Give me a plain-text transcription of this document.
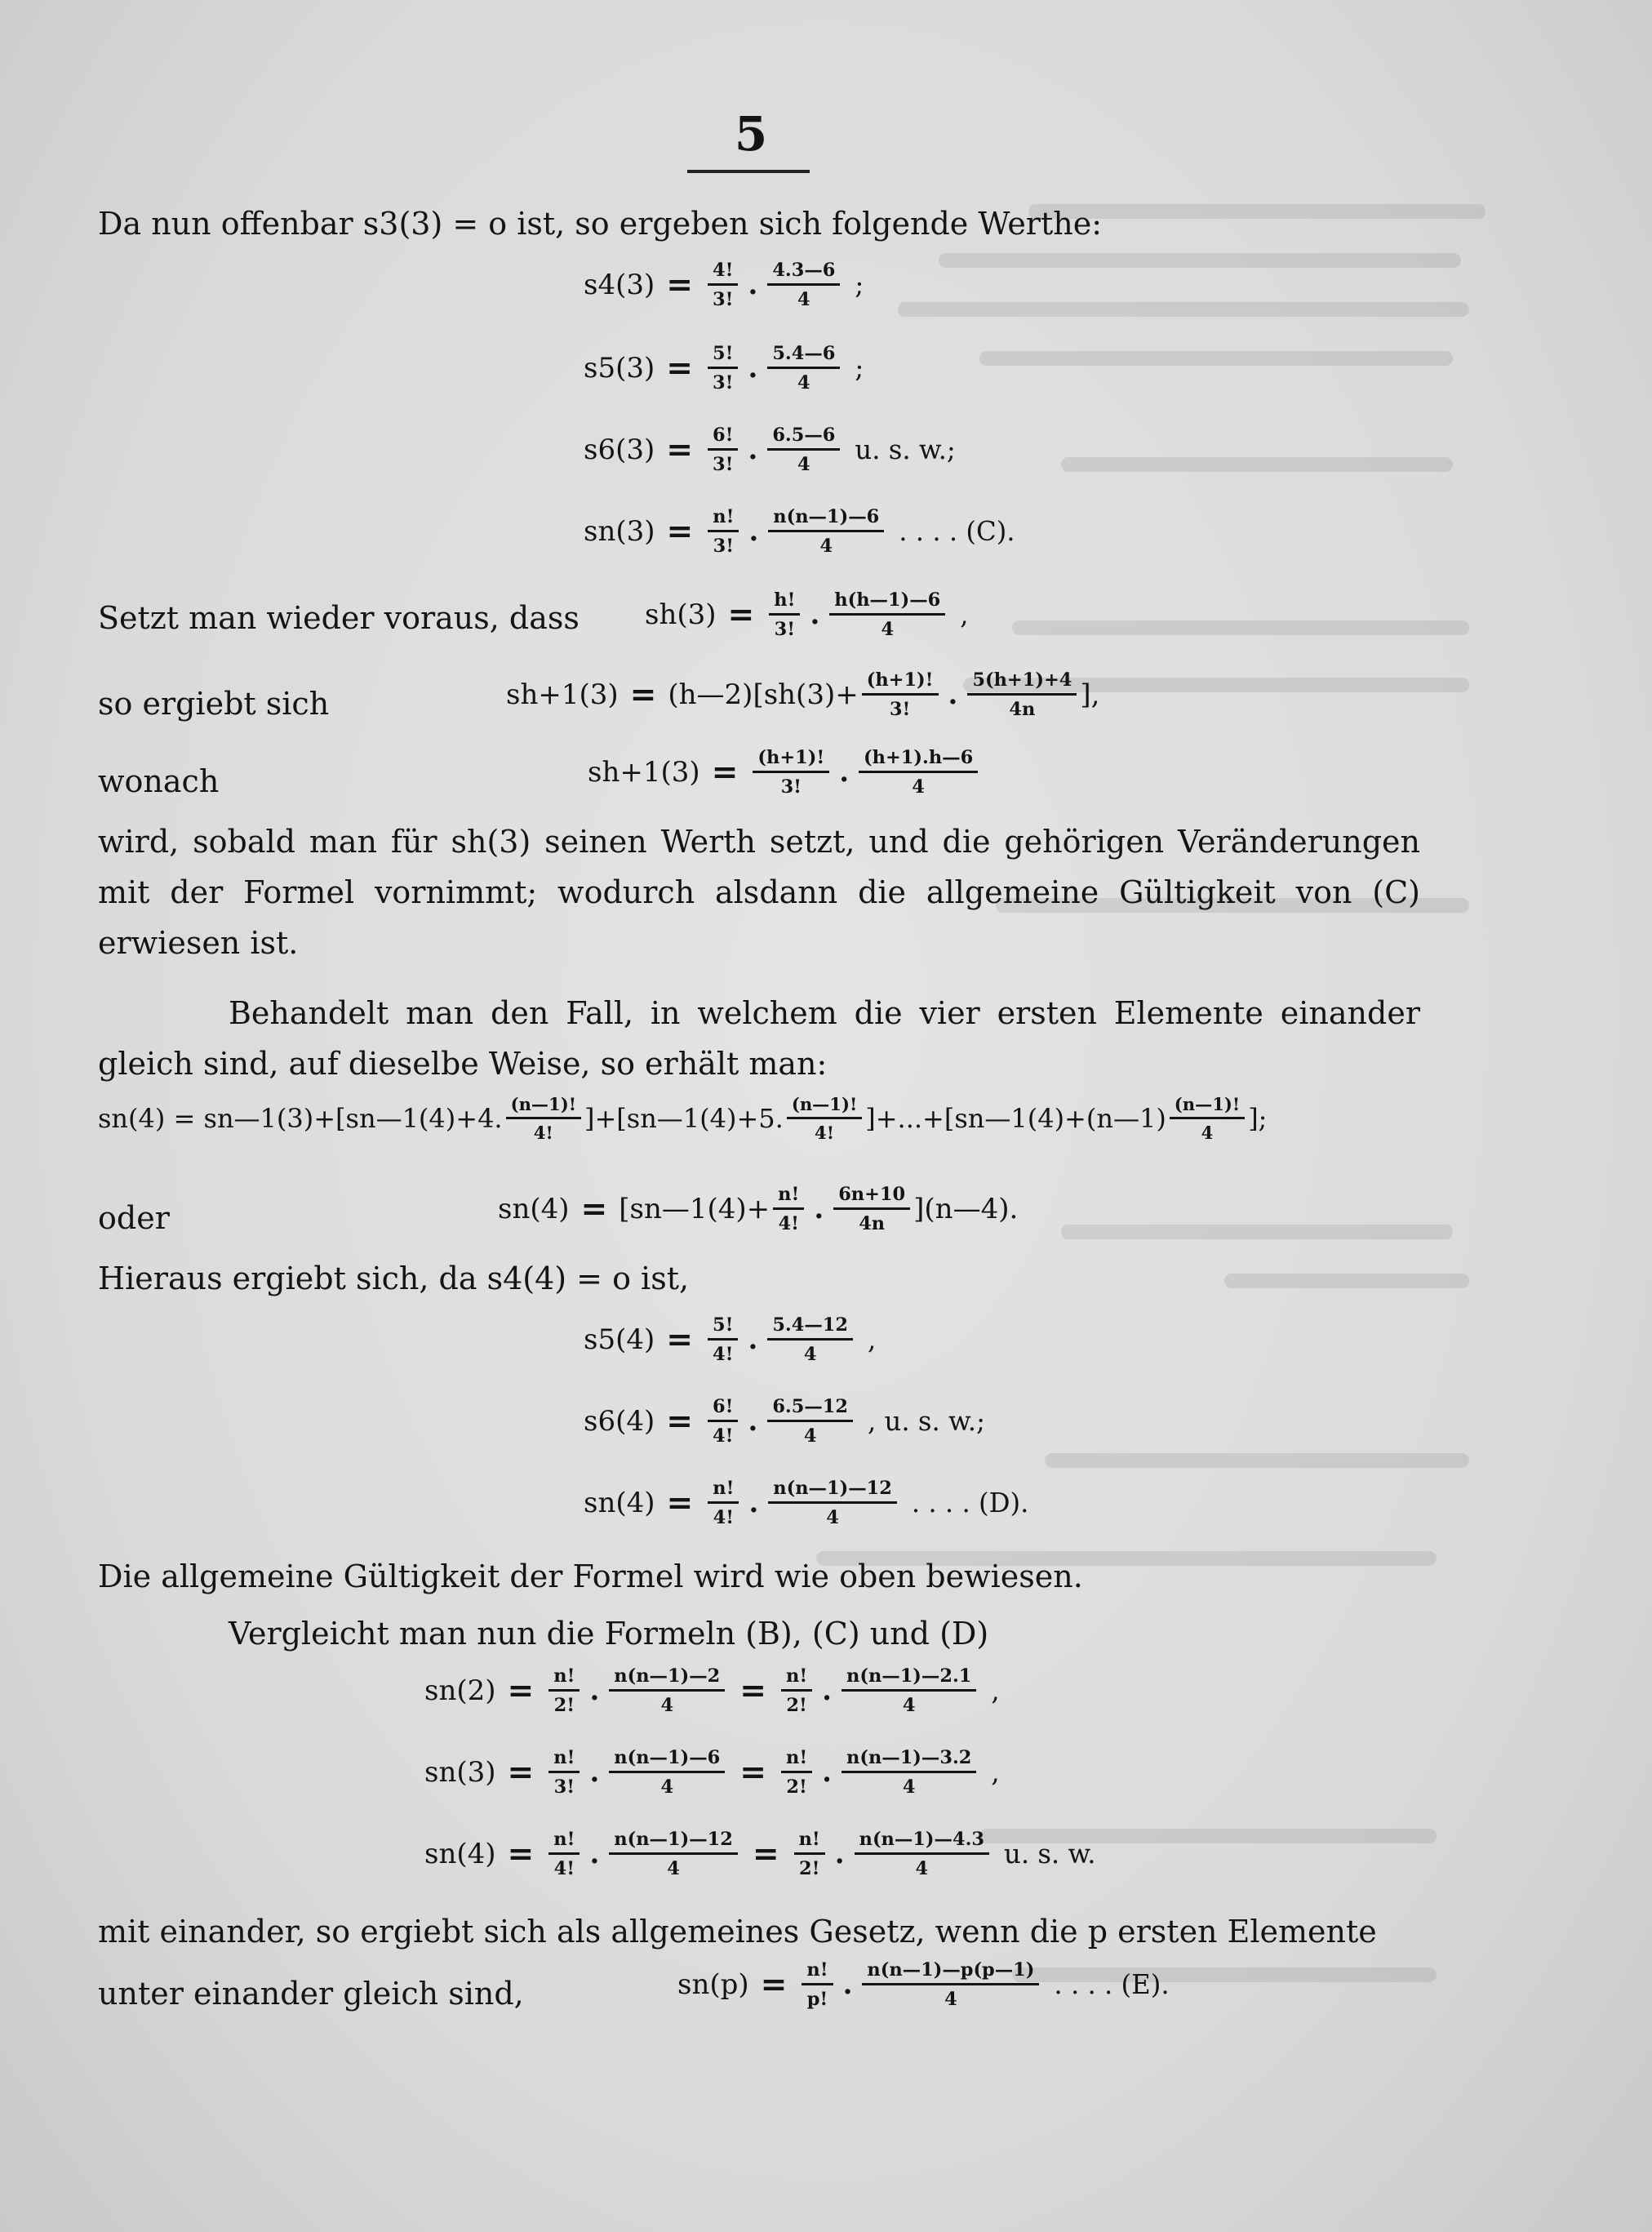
5
Da nun offenbar s3(3) = o ist, so ergeben sich folgende Werthe:
$s4(3) = \frac{4!}{3!}$ . $\frac{4.3—6}{4}$ ;
$s5(3) = \frac{5!}{3!}$ . $\frac{5.4—6}{4}$ ;
$s6(3) = \frac{6!}{3!}$ . $\frac{6.5—6}{4} u$. s. w.;
$sn(3) = \frac{n!}{3!}$ . $\frac{n(n—1)—6}{4}$ . . . . (C).
Setzt man wieder voraus, dass $sh(3) = \frac{h!}{3!}$ . $\frac{h(h—1)—6}{4}$ ,
so ergiebt sich	sh+1(3) = (h—2)[sh(3)+ $\frac{(h+1)!}{3!}$ . $\frac{5(h+1)+4}{4n}$ ],
wonach	$sh+1(3) = \frac{(h+1)!}{3!}$ . $\frac{(h+1).h—6}{4}$
wird, sobald man für sh(3) seinen Werth setzt, und die gehörigen Veränderungen mit der Formel vornimmt; wodurch alsdann die allgemeine Gültigkeit von (C) erwiesen ist.
Behandelt man den Fall, in welchem die vier ersten Elemente einander gleich sind, auf dieselbe Weise, so erhält man:
sn(4) = sn—1(3)+[sn—1(4)+4. $\frac{(n—1)!}{4!}$ ]+[sn—1(4)+5. $\frac{(n—1)!}{4!}$ ]+...+[sn—1(4)+(n—1) $\frac{(n—1)!}{4}$ ];
oder	sn(4) = [sn—1(4)+ $\frac{n!}{4!}$ . $\frac{6n+10}{4n}$ ](n—4).
Hieraus ergiebt sich, da s4(4) = o ist,
$s5(4) = \frac{5!}{4!}$ . $\frac{5.4—12}{4}$ ,
$s6(4) = \frac{6!}{4!}$ . $\frac{6.5—12}{4}$ , u. s. w.;
$sn(4) = \frac{n!}{4!}$ . $\frac{n(n—1)—12}{4}$ . . . . (D).
Die allgemeine Gültigkeit der Formel wird wie oben bewiesen.
Vergleicht man nun die Formeln (B), (C) und (D)
$sn(2) = \frac{n!}{2!}$ . $\frac{n(n—1)—2}{4} = \frac{n!}{2!}$ . $\frac{n(n—1)—2.1}{4}$ ,
$sn(3) = \frac{n!}{3!}$ . $\frac{n(n—1)—6}{4} = \frac{n!}{2!}$ . $\frac{n(n—1)—3.2}{4}$ ,
$sn(4) = \frac{n!}{4!}$ . $\frac{n(n—1)—12}{4} = \frac{n!}{2!}$ . $\frac{n(n—1)—4.3}{4} u$. s. w.
mit einander, so ergiebt sich als allgemeines Gesetz, wenn die p ersten Elemente
unter einander gleich sind,	$sn(p) = \frac{n!}{p!}$ . $\frac{n(n—1)—p(p—1)}{4}$ . . . . (E).
